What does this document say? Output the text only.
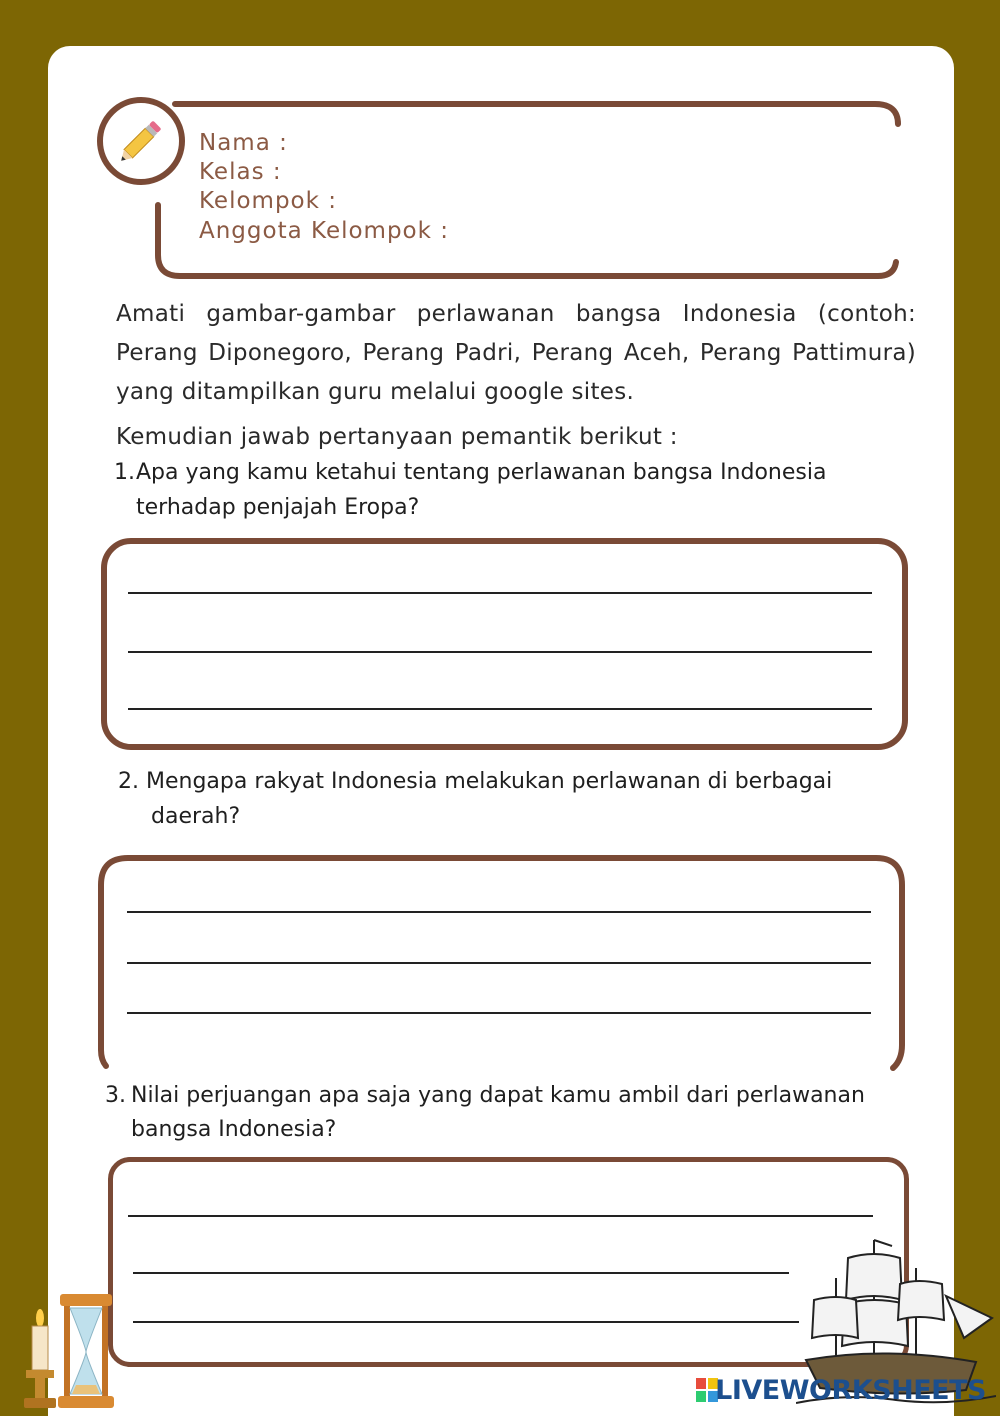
Nama :
Kelas :
Kelompok :
Anggota Kelompok :
Amati gambar-gambar perlawanan bangsa Indonesia (contoh: Perang Diponegoro, Perang Padri, Perang Aceh, Perang Pattimura) yang ditampilkan guru melalui google sites.
Kemudian jawab pertanyaan pemantik berikut :
1. Apa yang kamu ketahui tentang perlawanan bangsa Indonesia
terhadap penjajah Eropa?
2. Mengapa rakyat Indonesia melakukan perlawanan di berbagai
daerah?
3. Nilai perjuangan apa saja yang dapat kamu ambil dari perlawanan
bangsa Indonesia?
LIVEWORKSHEETS
